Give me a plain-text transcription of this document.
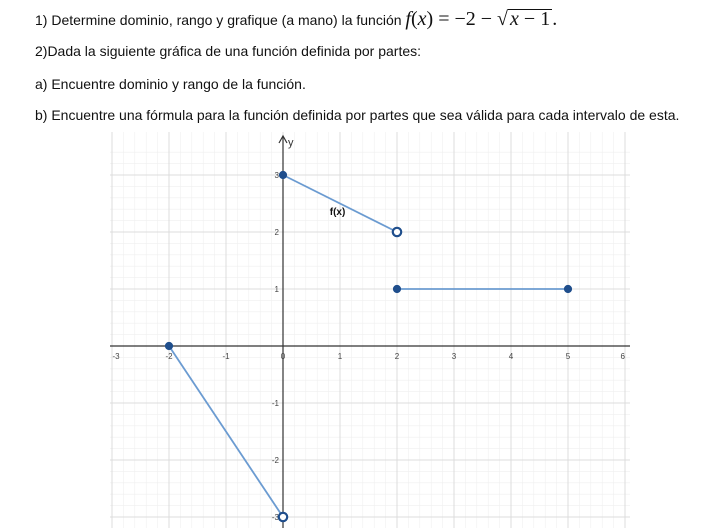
1) Determine dominio, rango y grafique (a mano) la función f(x) = −2 − √ x − 1 .
2)Dada la siguiente gráfica de una función definida por partes:
a) Encuentre dominio y rango de la función.
b) Encuentre una fórmula para la función definida por partes que sea válida para cada intervalo de esta.
-3	-2	-1	0	1	2	3	4	5	6
-3
-2
-1
1
2
3
y
f(x)
